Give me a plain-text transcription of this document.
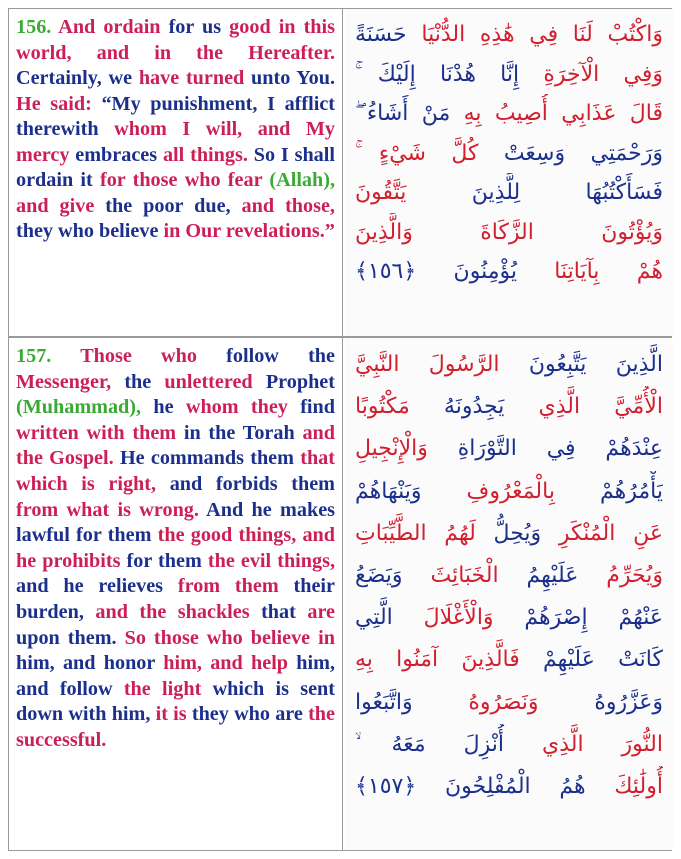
156. And ordain for us good in this world, and in the Hereafter. Certainly, we have turned unto You. He said: “My punishment, I afflict therewith whom I will, and My mercy embraces all things. So I shall ordain it for those who fear (Allah), and give the poor due, and those, they who believe in Our revelations.”
وَاكْتُبْ لَنَا فِي هَٰذِهِ الدُّنْيَا حَسَنَةً
وَفِي الْآخِرَةِ إِنَّا هُدْنَا إِلَيْكَ ۚ
قَالَ عَذَابِي أُصِيبُ بِهِ مَنْ أَشَاءُ ۖ
وَرَحْمَتِي وَسِعَتْ كُلَّ شَيْءٍ ۚ
فَسَأَكْتُبُهَا لِلَّذِينَ يَتَّقُونَ
وَيُؤْتُونَ الزَّكَاةَ وَالَّذِينَ
هُمْ بِآيَاتِنَا يُؤْمِنُونَ ﴿١٥٦﴾
157. Those who follow the Messenger, the unlettered Prophet (Muhammad), he whom they find written with them in the Torah and the Gospel. He commands them that which is right, and forbids them from what is wrong. And he makes lawful for them the good things, and he prohibits for them the evil things, and he relieves from them their burden, and the shackles that are upon them. So those who believe in him, and honor him, and help him, and follow the light which is sent down with him, it is they who are the successful.
الَّذِينَ يَتَّبِعُونَ الرَّسُولَ النَّبِيَّ
الْأُمِّيَّ الَّذِي يَجِدُونَهُ مَكْتُوبًا
عِنْدَهُمْ فِي التَّوْرَاةِ وَالْإِنْجِيلِ
يَأْمُرُهُمْ بِالْمَعْرُوفِ وَيَنْهَاهُمْ
عَنِ الْمُنْكَرِ وَيُحِلُّ لَهُمُ الطَّيِّبَاتِ
وَيُحَرِّمُ عَلَيْهِمُ الْخَبَائِثَ وَيَضَعُ
عَنْهُمْ إِصْرَهُمْ وَالْأَغْلَالَ الَّتِي
كَانَتْ عَلَيْهِمْ فَالَّذِينَ آمَنُوا بِهِ
وَعَزَّرُوهُ وَنَصَرُوهُ وَاتَّبَعُوا
النُّورَ الَّذِي أُنْزِلَ مَعَهُ ۙ
أُولَٰئِكَ هُمُ الْمُفْلِحُونَ ﴿١٥٧﴾
